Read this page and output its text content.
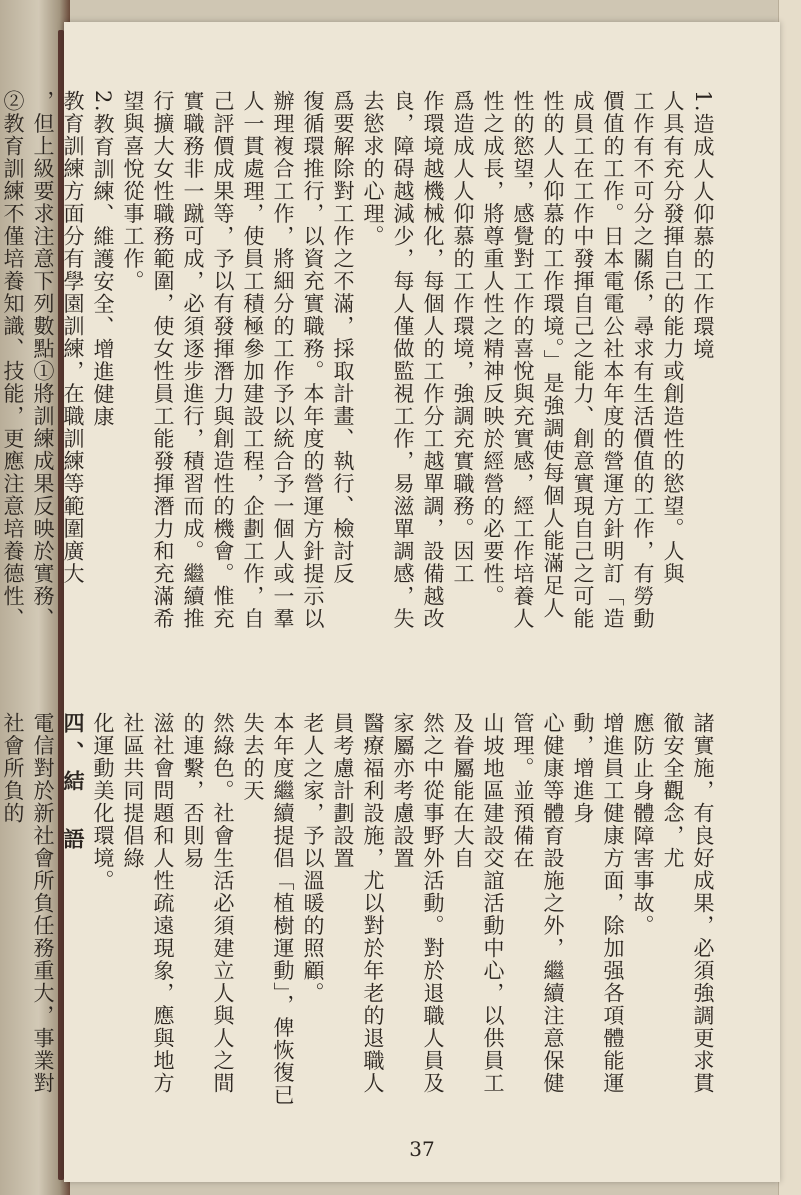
1.造成人人仰慕的工作環境

人具有充分發揮自己的能力或創造性的慾望。人與

工作有不可分之關係，尋求有生活價值的工作，有勞動

價值的工作。日本電電公社本年度的營運方針明訂「造

成員工在工作中發揮自己之能力、創意實現自己之可能

性的人人仰慕的工作環境。」是強調使每個人能滿足人

性的慾望，感覺對工作的喜悅與充實感，經工作培養人

性之成長，將尊重人性之精神反映於經營的必要性。

爲造成人人仰慕的工作環境，強調充實職務。因工

作環境越機械化，每個人的工作分工越單調，設備越改

良，障碍越減少，每人僅做監視工作，易滋單調感，失

去慾求的心理。

爲要解除對工作之不滿，採取計畫、執行、檢討反

復循環推行，以資充實職務。本年度的營運方針提示以

辦理複合工作，將細分的工作予以統合予一個人或一羣

人一貫處理，使員工積極參加建設工程，企劃工作，自

己評價成果等，予以有發揮潛力與創造性的機會。惟充

實職務非一蹴可成，必須逐步進行，積習而成。繼續推

行擴大女性職務範圍，使女性員工能發揮潛力和充滿希

望與喜悅從事工作。

2.教育訓練、維護安全、增進健康

教育訓練方面分有學園訓練，在職訓練等範圍廣大

，但上級要求注意下列數點①將訓練成果反映於實務、

②教育訓練不僅培養知識、技能，更應注意培養德性、

諸實施，有良好成果，必須強調更求貫徹安全觀念，尤

應防止身體障害事故。

增進員工健康方面，除加强各項體能運動，增進身

心健康等體育設施之外，繼續注意保健管理。並預備在

山坡地區建設交誼活動中心，以供員工及眷屬能在大自

然之中從事野外活動。對於退職人員及家屬亦考慮設置

醫療福利設施，尤以對於年老的退職人員考慮計劃設置

老人之家，予以溫暖的照顧。

本年度繼續提倡「植樹運動」，俾恢復已失去的天

然綠色。社會生活必須建立人與人之間的連繫，否則易

滋社會問題和人性疏遠現象，應與地方社區共同提倡綠

化運動美化環境。

四、結　語

電信對於新社會所負任務重大，事業對社會所負的

37
